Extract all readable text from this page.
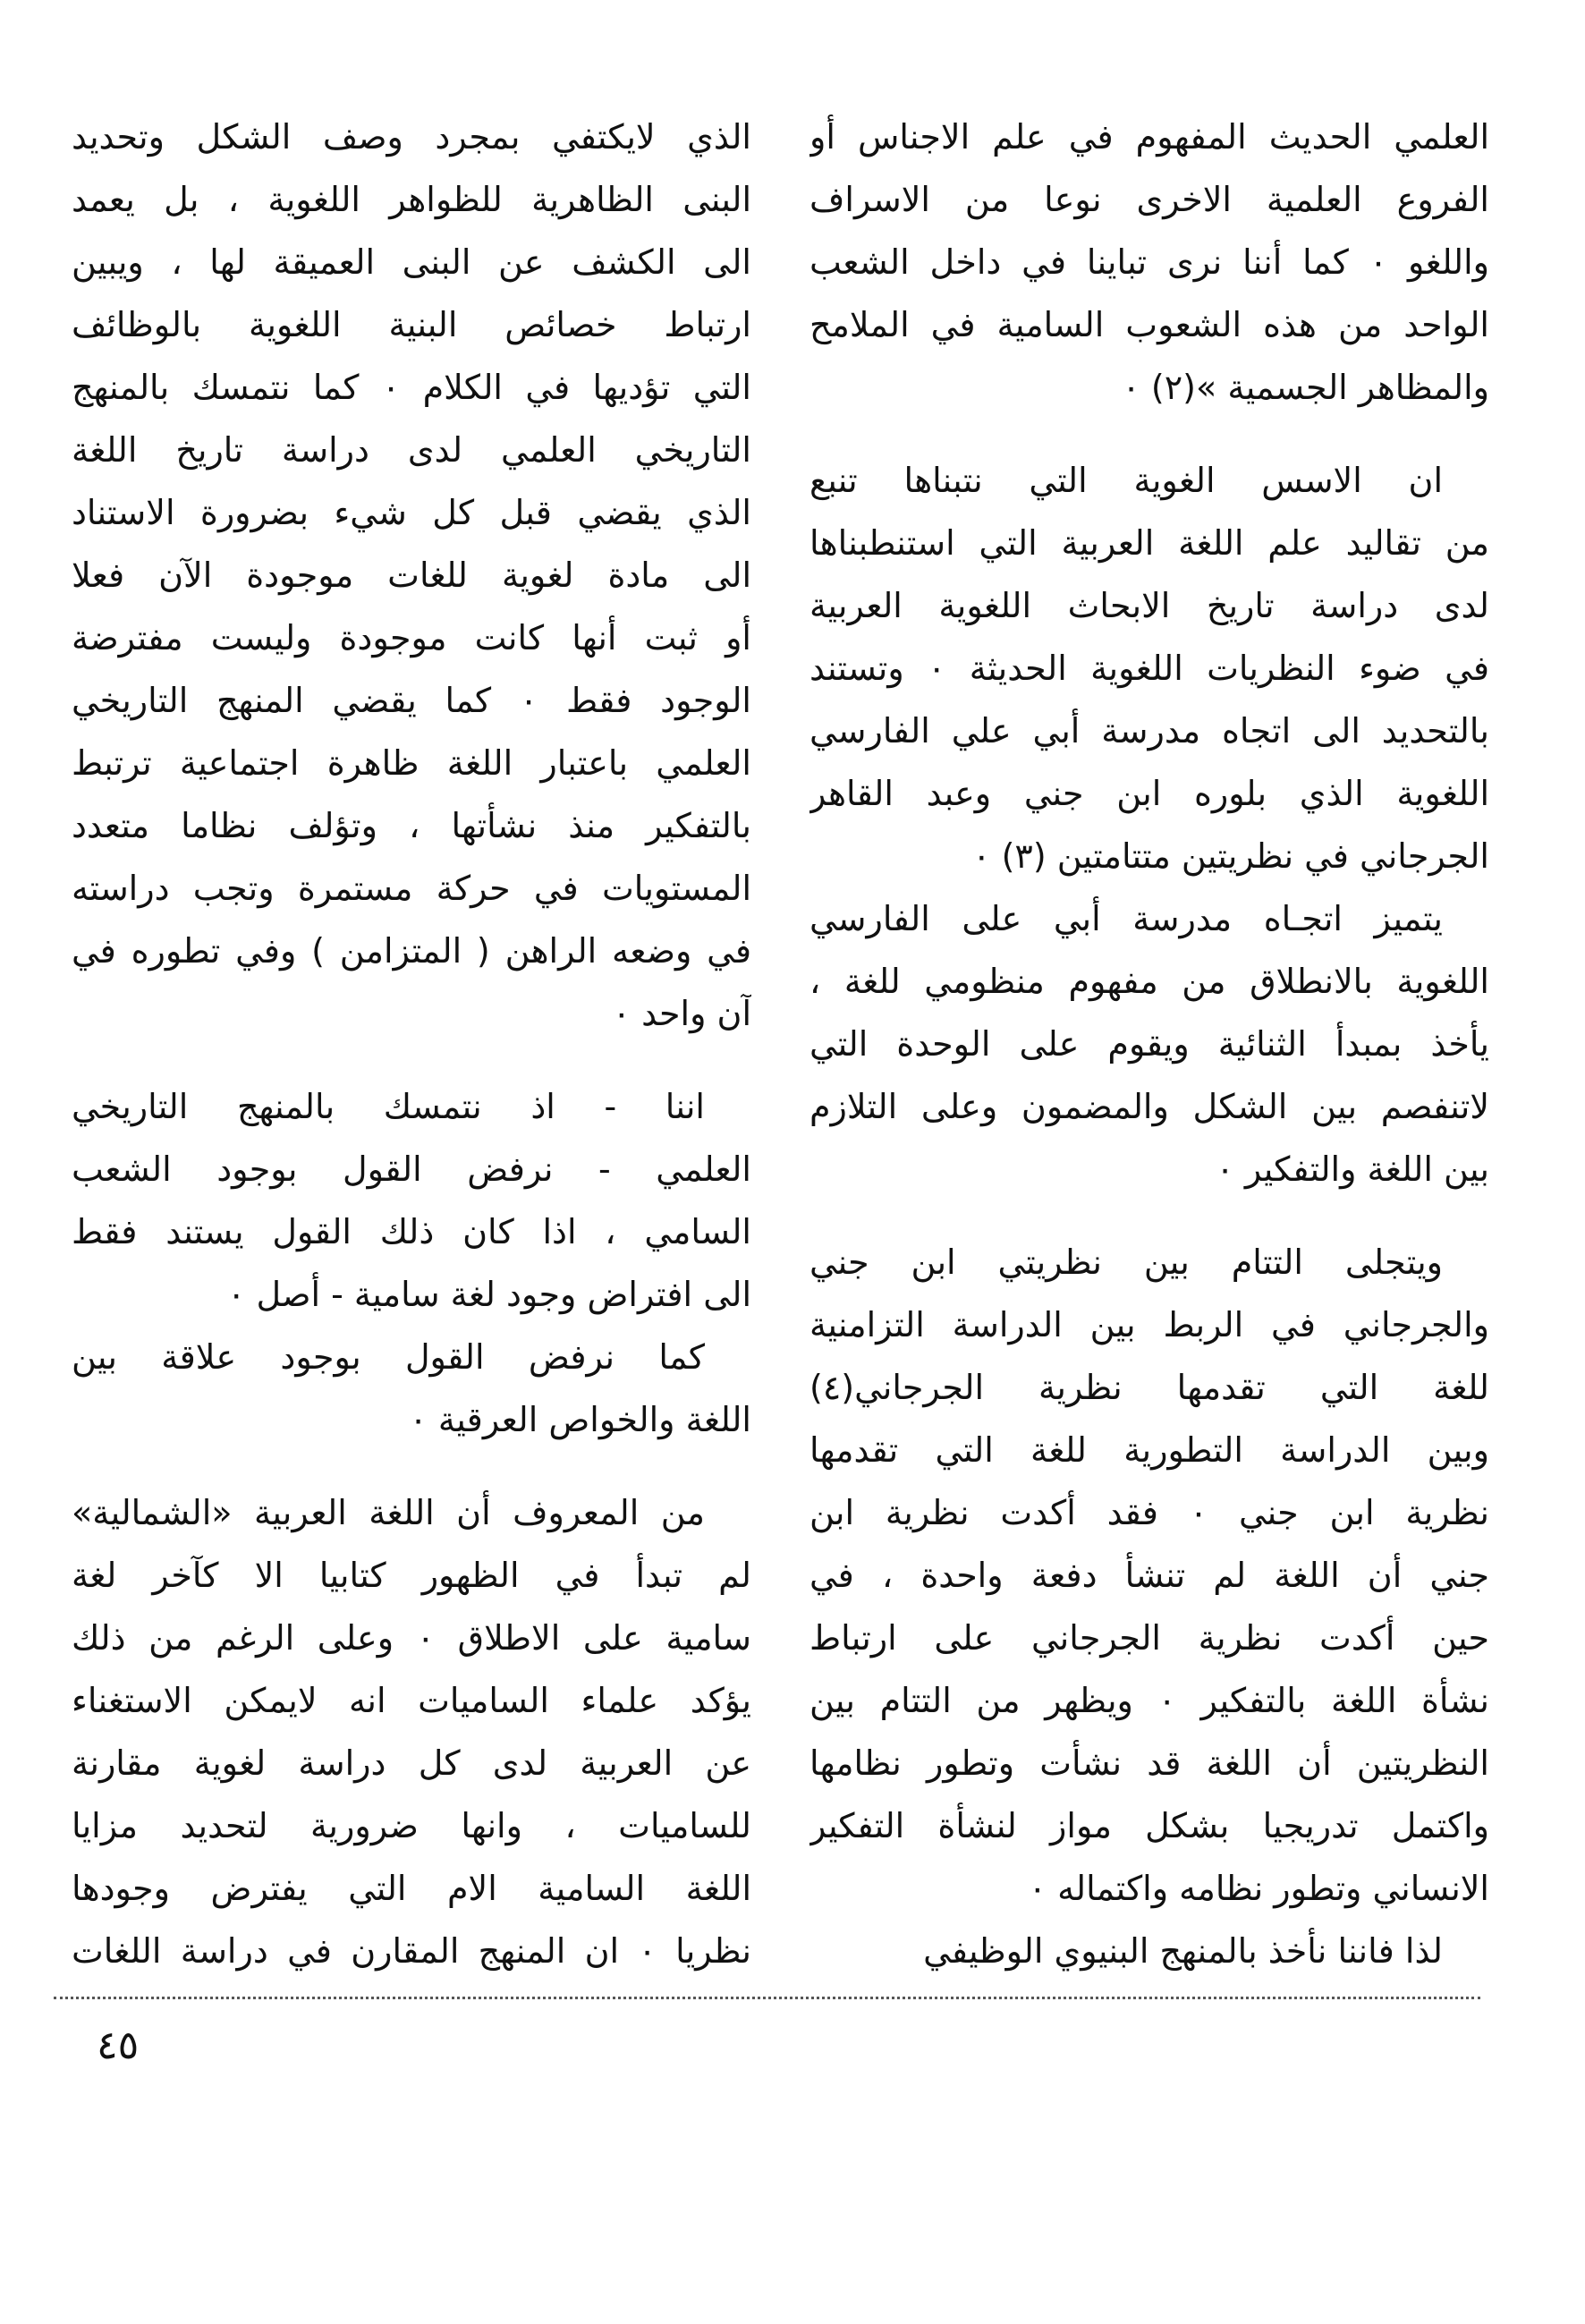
العلمي الحديث المفهوم في علم الاجناس أو
الفروع العلمية الاخرى نوعا من الاسراف
واللغو ٠ كما أننا نرى تباينا في داخل الشعب
الواحد من هذه الشعوب السامية في الملامح
والمظاهر الجسمية »(٢) ٠
ان الاسس الغوية التي نتبناها تنبع
من تقاليد علم اللغة العربية التي استنطبناها
لدى دراسة تاريخ الابحاث اللغوية العربية
في ضوء النظريات اللغوية الحديثة ٠ وتستند
بالتحديد الى اتجاه مدرسة أبي علي الفارسي
اللغوية الذي بلوره ابن جني وعبد القاهر
الجرجاني في نظريتين متتامتين (٣) ٠
يتميز اتجـاه مدرسة أبي على الفارسي
اللغوية بالانطلاق من مفهوم منظومي للغة ،
يأخذ بمبدأ الثنائية ويقوم على الوحدة التي
لاتنفصم بين الشكل والمضمون وعلى التلازم
بين اللغة والتفكير ٠
ويتجلى التتام بين نظريتي ابن جني
والجرجاني في الربط بين الدراسة التزامنية
للغة التي تقدمها نظرية الجرجاني(٤)
وبين الدراسة التطورية للغة التي تقدمها
نظرية ابن جني ٠ فقد أكدت نظرية ابن
جني أن اللغة لم تنشأ دفعة واحدة ، في
حين أكدت نظرية الجرجاني على ارتباط
نشأة اللغة بالتفكير ٠ ويظهر من التتام بين
النظريتين أن اللغة قد نشأت وتطور نظامها
واكتمل تدريجيا بشكل مواز لنشأة التفكير
الانساني وتطور نظامه واكتماله ٠
لذا فاننا نأخذ بالمنهج البنيوي الوظيفي
الذي لايكتفي بمجرد وصف الشكل وتحديد
البنى الظاهرية للظواهر اللغوية ، بل يعمد
الى الكشف عن البنى العميقة لها ، ويبين
ارتباط خصائص البنية اللغوية بالوظائف
التي تؤديها في الكلام ٠ كما نتمسك بالمنهج
التاريخي العلمي لدى دراسة تاريخ اللغة
الذي يقضي قبل كل شيء بضرورة الاستناد
الى مادة لغوية للغات موجودة الآن فعلا
أو ثبت أنها كانت موجودة وليست مفترضة
الوجود فقط ٠ كما يقضي المنهج التاريخي
العلمي باعتبار اللغة ظاهرة اجتماعية ترتبط
بالتفكير منذ نشأتها ، وتؤلف نظاما متعدد
المستويات في حركة مستمرة وتجب دراسته
في وضعه الراهن ( المتزامن ) وفي تطوره في
آن واحد ٠
اننا - اذ نتمسك بالمنهج التاريخي
العلمي - نرفض القول بوجود الشعب
السامي ، اذا كان ذلك القول يستند فقط
الى افتراض وجود لغة سامية - أصل ٠
كما نرفض القول بوجود علاقة بين
اللغة والخواص العرقية ٠
من المعروف أن اللغة العربية «الشمالية»
لم تبدأ في الظهور كتابيا الا كآخر لغة
سامية على الاطلاق ٠ وعلى الرغم من ذلك
يؤكد علماء الساميات انه لايمكن الاستغناء
عن العربية لدى كل دراسة لغوية مقارنة
للساميات ، وانها ضرورية لتحديد مزايا
اللغة السامية الام التي يفترض وجودها
نظريا ٠ ان المنهج المقارن في دراسة اللغات
٤٥
